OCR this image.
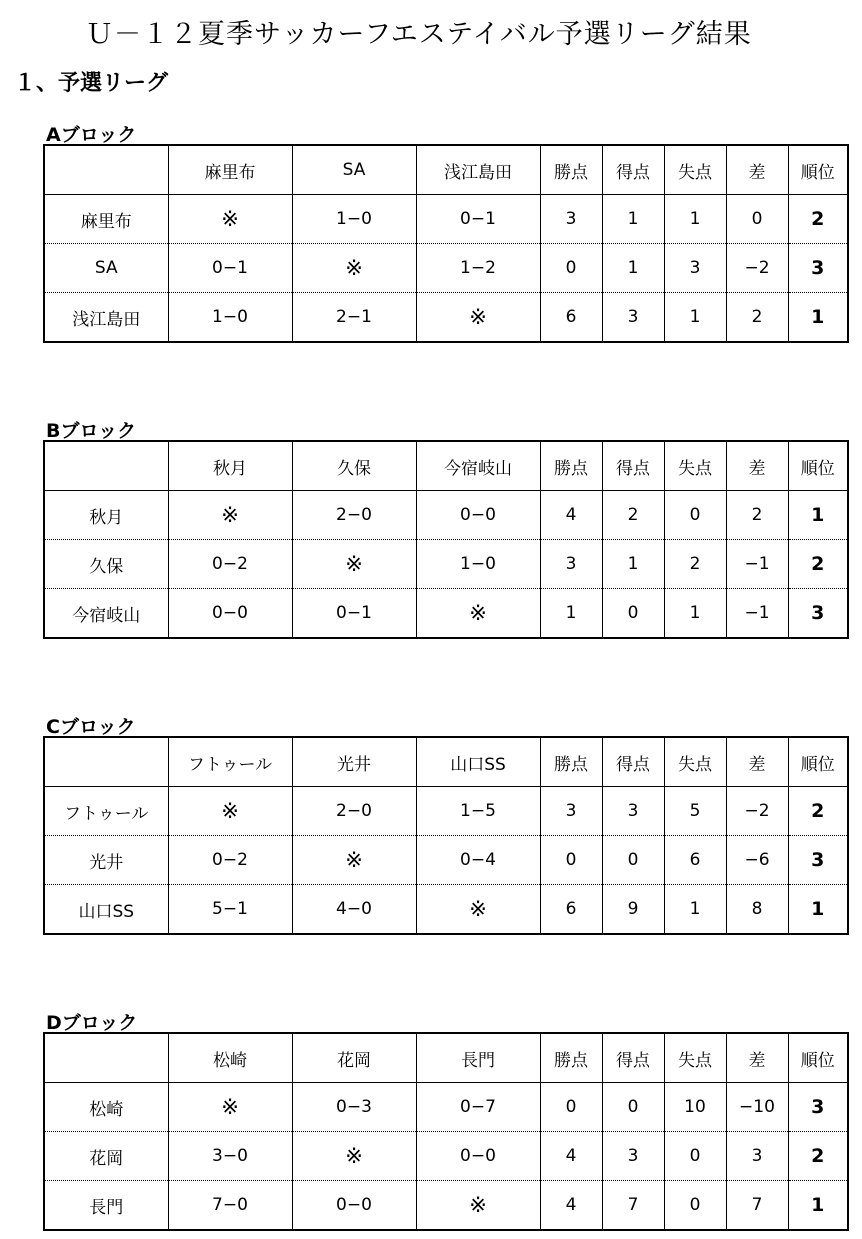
Ｕ－１２夏季サッカーフエステイバル予選リーグ結果
１、予選リーグ
Aブロック
	麻里布	SA	浅江島田	勝点	得点	失点	差	順位
麻里布	※	1−0	0−1	3	1	1	0	2
SA	0−1	※	1−2	0	1	3	−2	3
浅江島田	1−0	2−1	※	6	3	1	2	1
Bブロック
	秋月	久保	今宿岐山	勝点	得点	失点	差	順位
秋月	※	2−0	0−0	4	2	0	2	1
久保	0−2	※	1−0	3	1	2	−1	2
今宿岐山	0−0	0−1	※	1	0	1	−1	3
Cブロック
	フトゥール	光井	山口SS	勝点	得点	失点	差	順位
フトゥール	※	2−0	1−5	3	3	5	−2	2
光井	0−2	※	0−4	0	0	6	−6	3
山口SS	5−1	4−0	※	6	9	1	8	1
Dブロック
	松崎	花岡	長門	勝点	得点	失点	差	順位
松崎	※	0−3	0−7	0	0	10	−10	3
花岡	3−0	※	0−0	4	3	0	3	2
長門	7−0	0−0	※	4	7	0	7	1
